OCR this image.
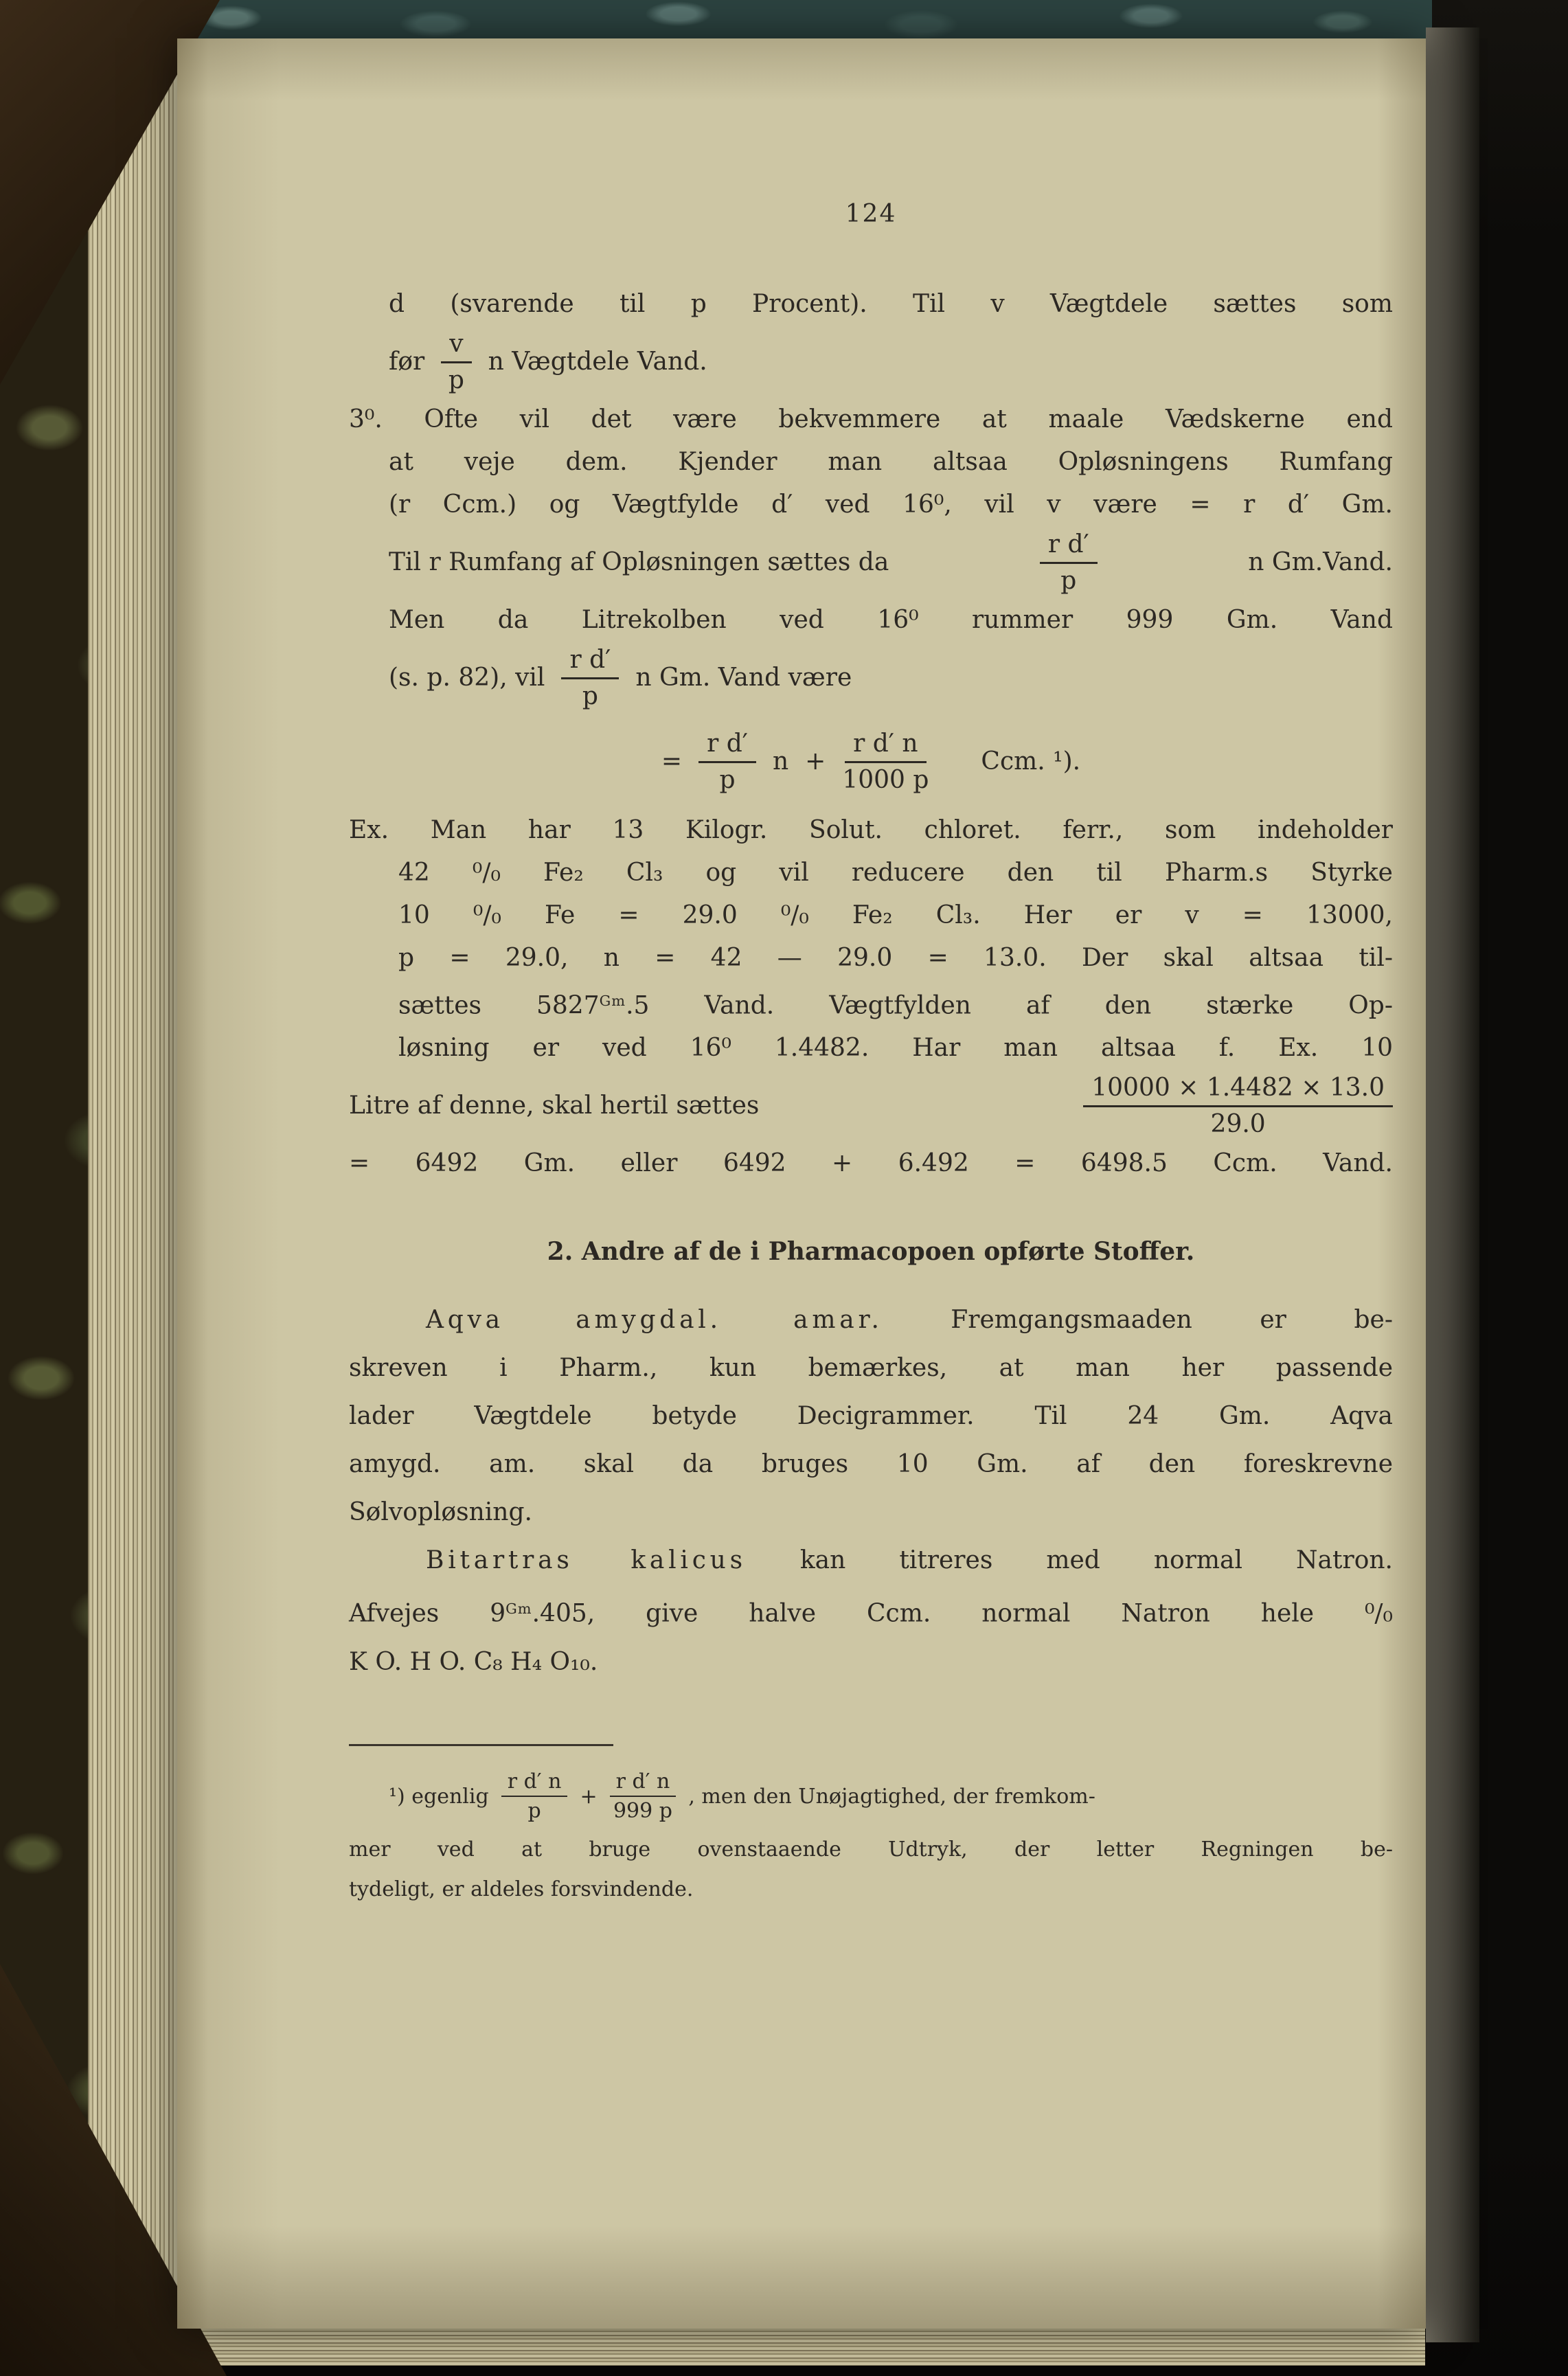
124
d (svarende til p Procent). Til v Vægtdele sættes som
før $\frac{v}{p}$ n Vægtdele Vand.
3⁰. Ofte vil det være bekvemmere at maale Vædskerne end
at veje dem. Kjender man altsaa Opløsningens Rumfang
(r Ccm.) og Vægtfylde d′ ved 16⁰, vil v være = r d′ Gm.
Til r Rumfang af Opløsningen sættes da	$\frac{\text{r d′}}{p}$	n Gm.Vand.
Men da Litrekolben ved 16⁰ rummer 999 Gm. Vand
(s. p. 82), vil $\frac{\text{r d′}}{p}$ n Gm. Vand være
= $\frac{\text{r d′}}{p}$ $n + \frac{\text{r d′ n}}{1000 p}$ Ccm. ¹).
Ex. Man har 13 Kilogr. Solut. chloret. ferr., som indeholder
42 ⁰/₀ Fe₂ Cl₃ og vil reducere den til Pharm.s Styrke
10 ⁰/₀ Fe = 29.0 ⁰/₀ Fe₂ Cl₃. Her er v = 13000,
p = 29.0, n = 42 — 29.0 = 13.0. Der skal altsaa til-
sættes $5827^{Gm}.5$ Vand. Vægtfylden af den stærke Op-
løsning er ved 16⁰ 1.4482. Har man altsaa f. Ex. 10
Litre af denne, skal hertil sættes	$\frac{10000 \times 1.4482 \times 13.0}{29.0}$
= 6492 Gm. eller 6492 + 6.492 = 6498.5 Ccm. Vand.
2. Andre af de i Pharmacopoen opførte Stoffer.
Aqva amygdal. amar. Fremgangsmaaden er be-
skreven i Pharm., kun bemærkes, at man her passende
lader Vægtdele betyde Decigrammer. Til 24 Gm. Aqva
amygd. am. skal da bruges 10 Gm. af den foreskrevne
Sølvopløsning.
Bitartras kalicus kan titreres med normal Natron.
Afvejes $9^{Gm}.405$, give halve Ccm. normal Natron hele ⁰/₀
K O. H O. C₈ H₄ O₁₀.
¹) egenlig $\frac{\text{r d′ n}}{p} + \frac{\text{r d′ n}}{999 p}$ , men den Unøjagtighed, der fremkom-
mer ved at bruge ovenstaaende Udtryk, der letter Regningen be-
tydeligt, er aldeles forsvindende.
